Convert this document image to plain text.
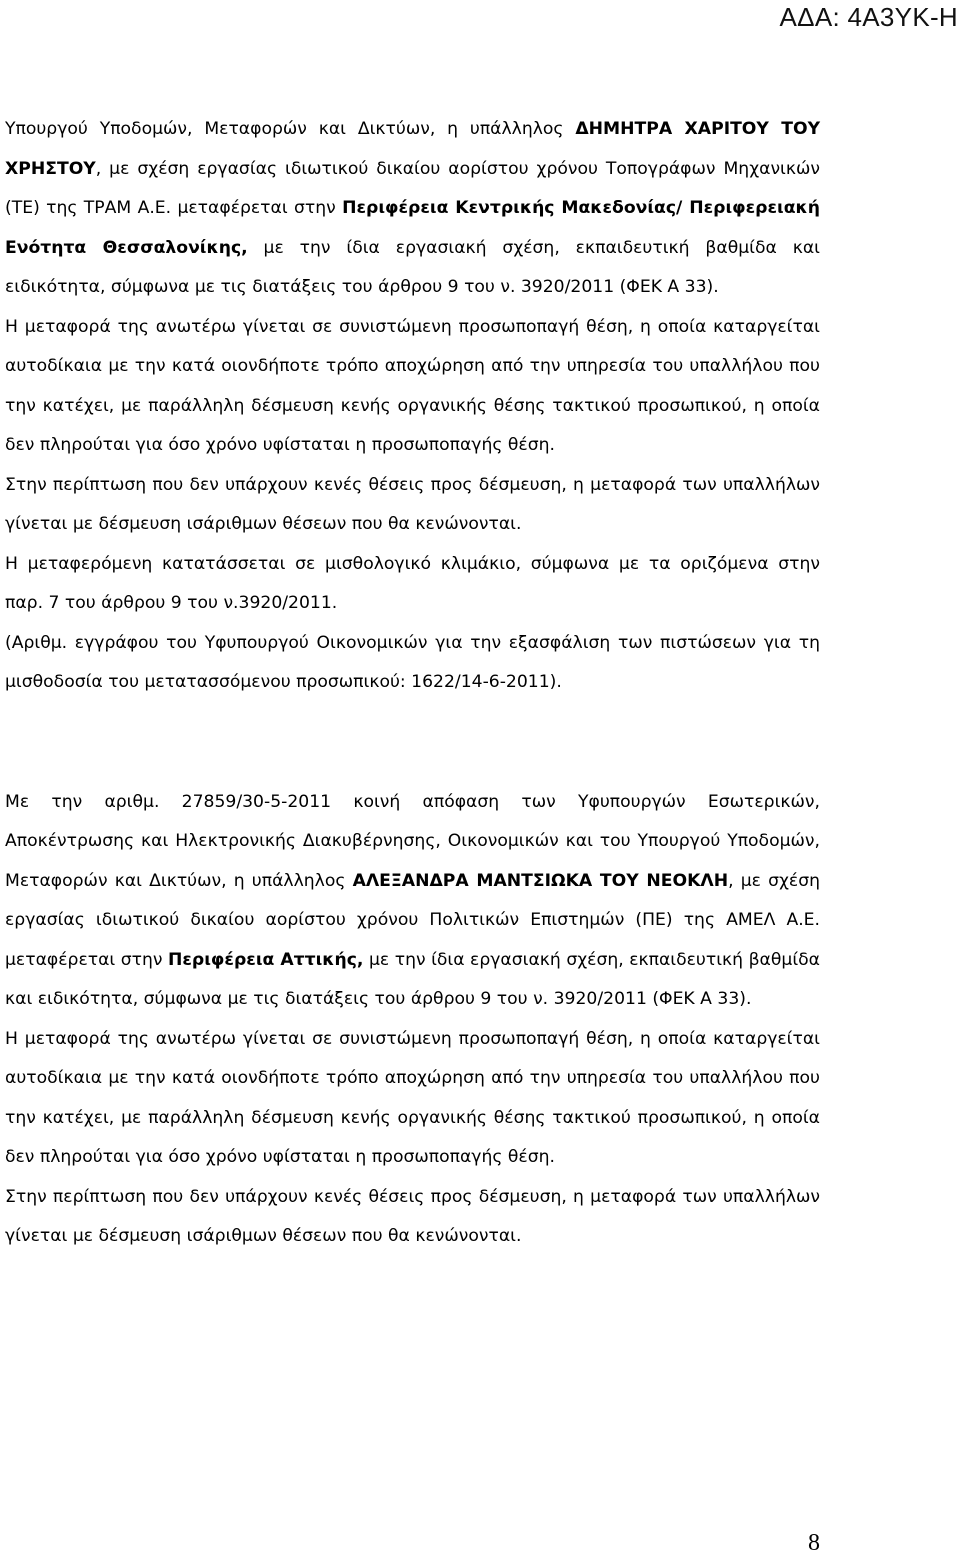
ΑΔΑ: 4Α3ΥΚ-Η

Υπουργού Υποδομών, Μεταφορών και Δικτύων, η υπάλληλος ΔΗΜΗΤΡΑ ΧΑΡΙΤΟΥ ΤΟΥ ΧΡΗΣΤΟΥ, με σχέση εργασίας ιδιωτικού δικαίου αορίστου χρόνου Τοπογράφων Μηχανικών (ΤΕ) της ΤΡΑΜ Α.Ε. μεταφέρεται στην Περιφέρεια Κεντρικής Μακεδονίας/ Περιφερειακή Ενότητα Θεσσαλονίκης, με την ίδια εργασιακή σχέση, εκπαιδευτική βαθμίδα και ειδικότητα, σύμφωνα με τις διατάξεις του άρθρου 9 του ν. 3920/2011 (ΦΕΚ Α 33).

Η μεταφορά της ανωτέρω γίνεται σε συνιστώμενη προσωποπαγή θέση, η οποία καταργείται αυτοδίκαια με την κατά οιονδήποτε τρόπο αποχώρηση από την υπηρεσία του υπαλλήλου που την κατέχει, με παράλληλη δέσμευση κενής οργανικής θέσης τακτικού προσωπικού, η οποία δεν πληρούται για όσο χρόνο υφίσταται η προσωποπαγής θέση.

Στην περίπτωση που δεν υπάρχουν κενές θέσεις προς δέσμευση, η μεταφορά των υπαλλήλων γίνεται με δέσμευση ισάριθμων θέσεων που θα κενώνονται.

Η μεταφερόμενη κατατάσσεται σε μισθολογικό κλιμάκιο, σύμφωνα με τα οριζόμενα στην παρ. 7 του άρθρου 9 του ν.3920/2011.

(Αριθμ. εγγράφου του Υφυπουργού Οικονομικών για την εξασφάλιση των πιστώσεων για τη μισθοδοσία του μετατασσόμενου προσωπικού: 1622/14-6-2011).

Με την αριθμ. 27859/30-5-2011 κοινή απόφαση των Υφυπουργών Εσωτερικών, Αποκέντρωσης και Ηλεκτρονικής Διακυβέρνησης, Οικονομικών και του Υπουργού Υποδομών, Μεταφορών και Δικτύων, η υπάλληλος ΑΛΕΞΑΝΔΡΑ ΜΑΝΤΣΙΩΚΑ ΤΟΥ ΝΕΟΚΛΗ, με σχέση εργασίας ιδιωτικού δικαίου αορίστου χρόνου Πολιτικών Επιστημών (ΠΕ) της ΑΜΕΛ Α.Ε. μεταφέρεται στην Περιφέρεια Αττικής, με την ίδια εργασιακή σχέση, εκπαιδευτική βαθμίδα και ειδικότητα, σύμφωνα με τις διατάξεις του άρθρου 9 του ν. 3920/2011 (ΦΕΚ Α 33).

Η μεταφορά της ανωτέρω γίνεται σε συνιστώμενη προσωποπαγή θέση, η οποία καταργείται αυτοδίκαια με την κατά οιονδήποτε τρόπο αποχώρηση από την υπηρεσία του υπαλλήλου που την κατέχει, με παράλληλη δέσμευση κενής οργανικής θέσης τακτικού προσωπικού, η οποία δεν πληρούται για όσο χρόνο υφίσταται η προσωποπαγής θέση.

Στην περίπτωση που δεν υπάρχουν κενές θέσεις προς δέσμευση, η μεταφορά των υπαλλήλων γίνεται με δέσμευση ισάριθμων θέσεων που θα κενώνονται.

8
